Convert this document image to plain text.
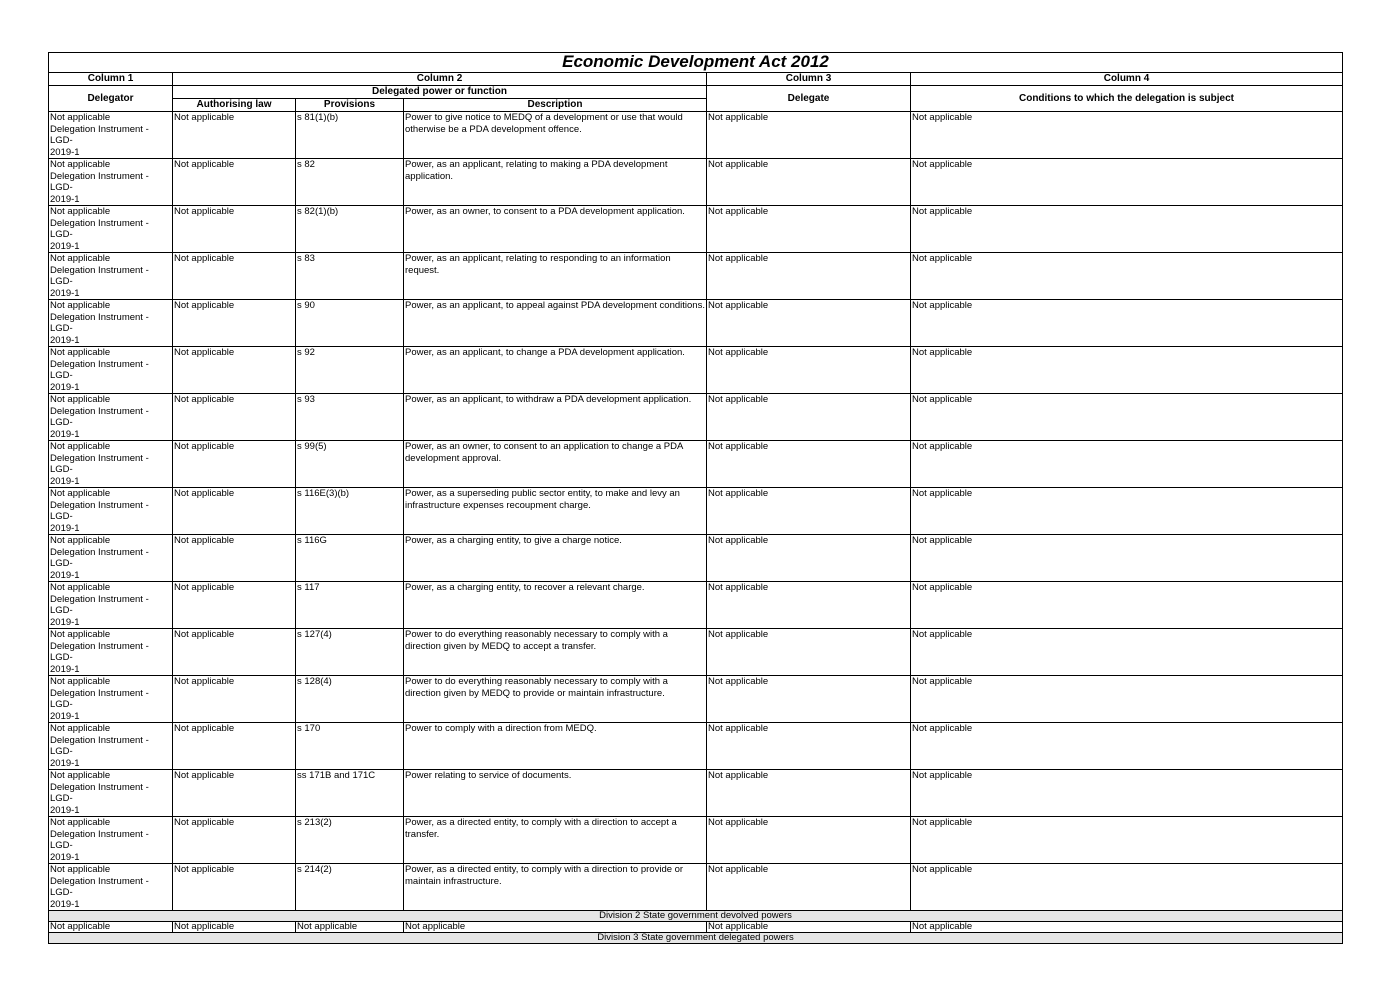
Economic Development Act 2012					
Column 1	Column 2			Column 3	Column 4
Delegator	Delegated power or function			Delegate	Conditions to which the delegation is subject
	Authorising law	Provisions	Description		

Not applicable
Delegation Instrument - LGD-
2019-1	Not applicable	s 81(1)(b)	Power to give notice to MEDQ of a development or use that would otherwise be a PDA development offence.	Not applicable	Not applicable

Not applicable
Delegation Instrument - LGD-
2019-1	Not applicable	s 82	Power, as an applicant, relating to making a PDA development application.	Not applicable	Not applicable

Not applicable
Delegation Instrument - LGD-
2019-1	Not applicable	s 82(1)(b)	Power, as an owner, to consent to a PDA development application.	Not applicable	Not applicable

Not applicable
Delegation Instrument - LGD-
2019-1	Not applicable	s 83	Power, as an applicant, relating to responding to an information request.	Not applicable	Not applicable

Not applicable
Delegation Instrument - LGD-
2019-1	Not applicable	s 90	Power, as an applicant, to appeal against PDA development conditions.	Not applicable	Not applicable

Not applicable
Delegation Instrument - LGD-
2019-1	Not applicable	s 92	Power, as an applicant, to change a PDA development application.	Not applicable	Not applicable

Not applicable
Delegation Instrument - LGD-
2019-1	Not applicable	s 93	Power, as an applicant, to withdraw a PDA development application.	Not applicable	Not applicable

Not applicable
Delegation Instrument - LGD-
2019-1	Not applicable	s 99(5)	Power, as an owner, to consent to an application to change a PDA development approval.	Not applicable	Not applicable

Not applicable
Delegation Instrument - LGD-
2019-1	Not applicable	s 116E(3)(b)	Power, as a superseding public sector entity, to make and levy an infrastructure expenses recoupment charge.	Not applicable	Not applicable

Not applicable
Delegation Instrument - LGD-
2019-1	Not applicable	s 116G	Power, as a charging entity, to give a charge notice.	Not applicable	Not applicable

Not applicable
Delegation Instrument - LGD-
2019-1	Not applicable	s 117	Power, as a charging entity, to recover a relevant charge.	Not applicable	Not applicable

Not applicable
Delegation Instrument - LGD-
2019-1	Not applicable	s 127(4)	Power to do everything reasonably necessary to comply with a direction given by MEDQ to accept a transfer.	Not applicable	Not applicable

Not applicable
Delegation Instrument - LGD-
2019-1	Not applicable	s 128(4)	Power to do everything reasonably necessary to comply with a direction given by MEDQ to provide or maintain infrastructure.	Not applicable	Not applicable

Not applicable
Delegation Instrument - LGD-
2019-1	Not applicable	s 170	Power to comply with a direction from MEDQ.	Not applicable	Not applicable

Not applicable
Delegation Instrument - LGD-
2019-1	Not applicable	ss 171B and 171C	Power relating to service of documents.	Not applicable	Not applicable

Not applicable
Delegation Instrument - LGD-
2019-1	Not applicable	s 213(2)	Power, as a directed entity, to comply with a direction to accept a transfer.	Not applicable	Not applicable

Not applicable
Delegation Instrument - LGD-
2019-1	Not applicable	s 214(2)	Power, as a directed entity, to comply with a direction to provide or maintain infrastructure.	Not applicable	Not applicable
Division 2 State government devolved powers					
Not applicable	Not applicable	Not applicable	Not applicable	Not applicable	Not applicable
Division 3 State government delegated powers					
